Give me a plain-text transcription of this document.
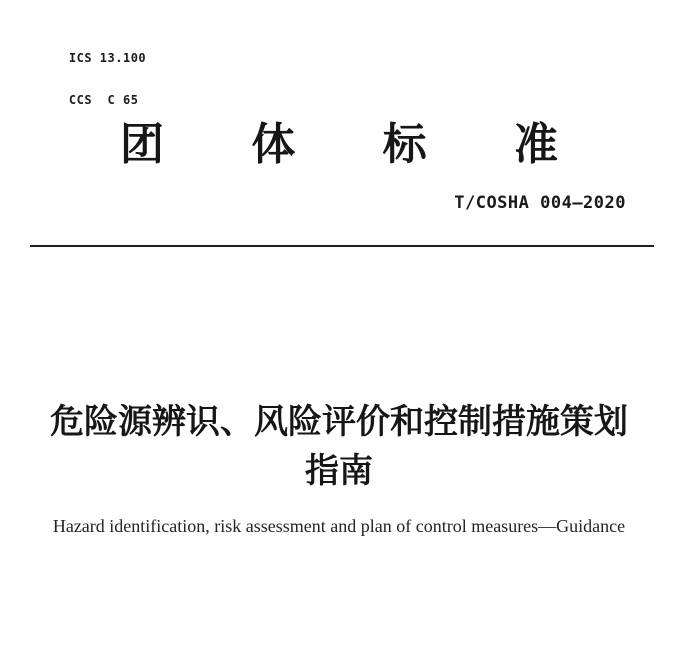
ICS 13.100

CCS  C 65

团 体 标 准
T/COSHA 004—2020
危险源辨识、风险评价和控制措施策划
指南
Hazard identification, risk assessment and plan of control measures—Guidance
